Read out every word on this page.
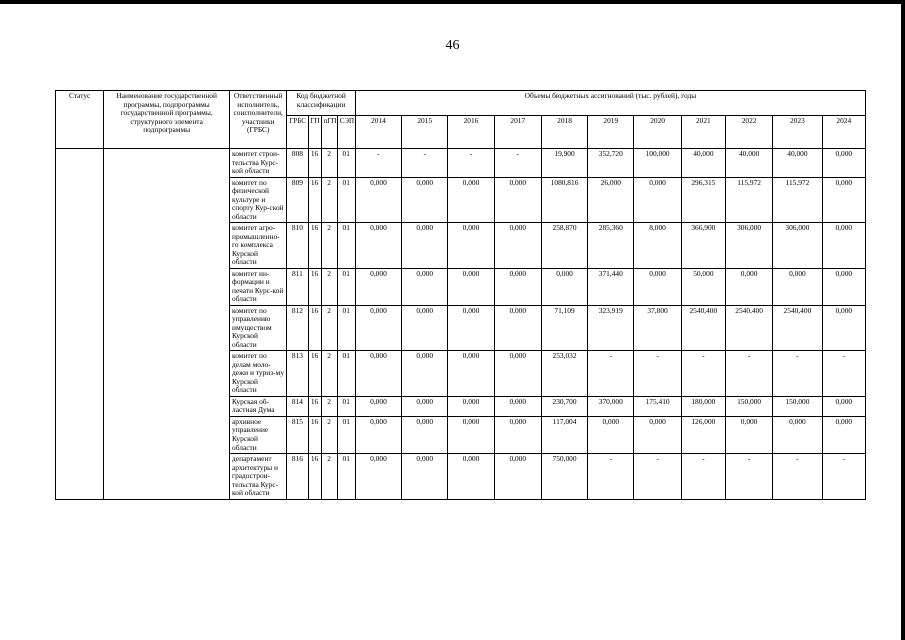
46
Статус	Наименование государственной программы, подпрограммы государственной программы, структурного элемента подпрограммы	Ответственный исполнитель, соисполнители, участники (ГРБС)	Код бюджетной классификации				Объемы бюджетных ассигнований (тыс. рублей), годы										
			ГРБС	ГП	пГП	СЭП	2014	2015	2016	2017	2018	2019	2020	2021	2022	2023	2024
		комитет строи-тельства Курс-кой области	808	16	2	01	-	-	-	-	19,900	352,720	100,000	40,000	40,000	40,000	0,000
		комитет по физической культуре и спорту Кур-ской области	809	16	2	01	0,000	0,000	0,000	0,000	1080,816	26,000	0,000	296,315	115,972	115,972	0,000
		комитет агро-промышленно-го комплекса Курской области	810	16	2	01	0,000	0,000	0,000	0,000	258,870	285,360	8,000	366,900	306,000	306,000	0,000
		комитет ин-формации и печати Курс-кой области	811	16	2	01	0,000	0,000	0,000	0,000	0,000	371,440	0,000	50,000	0,000	0,000	0,000
		комитет по управлению имуществом Курской области	812	16	2	01	0,000	0,000	0,000	0,000	71,109	323,919	37,800	2540,400	2540,400	2540,400	0,000
		комитет по делам моло-дежи и туриз-му Курской области	813	16	2	01	0,000	0,000	0,000	0,000	253,032	-	-	-	-	-	-
		Курская об-ластная Дума	814	16	2	01	0,000	0,000	0,000	0,000	230,700	370,000	175,410	180,000	150,000	150,000	0,000
		архивное управление Курской области	815	16	2	01	0,000	0,000	0,000	0,000	117,004	0,000	0,000	126,000	0,000	0,000	0,000
		департамент архитектуры и градострои-тельства Курс-кой области	816	16	2	01	0,000	0,000	0,000	0,000	750,000	-	-	-	-	-	-
